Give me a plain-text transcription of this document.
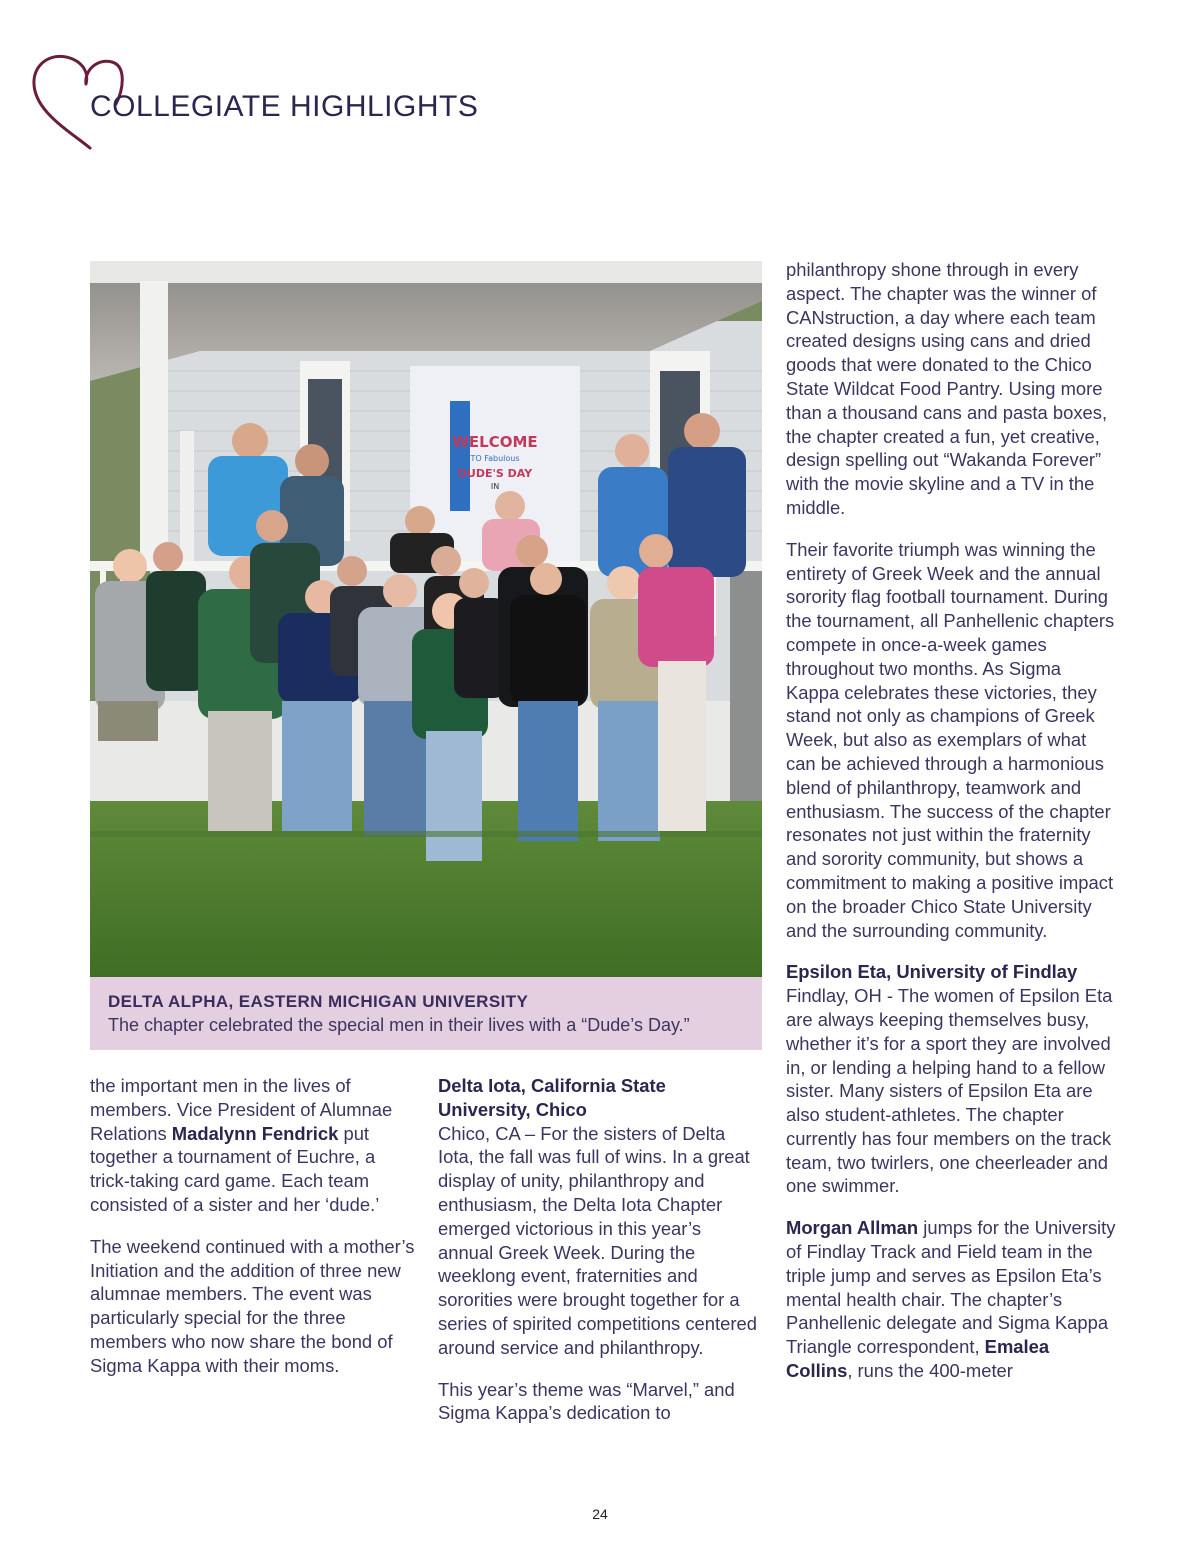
COLLEGIATE HIGHLIGHTS
WELCOME
TO Fabulous
DUDE'S DAY
IN
DELTA ALPHA, EASTERN MICHIGAN UNIVERSITY
The chapter celebrated the special men in their lives with a “Dude’s Day.”

the important men in the lives of members. Vice President of Alumnae Relations Madalynn Fendrick put together a tournament of Euchre, a trick-taking card game. Each team consisted of a sister and her ‘dude.’

The weekend continued with a mother’s Initiation and the addition of three new alumnae members. The event was particularly special for the three members who now share the bond of Sigma Kappa with their moms.

Delta Iota, California State University, Chico

Chico, CA – For the sisters of Delta Iota, the fall was full of wins. In a great display of unity, philanthropy and enthusiasm, the Delta Iota Chapter emerged victorious in this year’s annual Greek Week. During the weeklong event, fraternities and sororities were brought together for a series of spirited competitions centered around service and philanthropy.

This year’s theme was “Marvel,” and Sigma Kappa’s dedication to

philanthropy shone through in every aspect. The chapter was the winner of CANstruction, a day where each team created designs using cans and dried goods that were donated to the Chico State Wildcat Food Pantry. Using more than a thousand cans and pasta boxes, the chapter created a fun, yet creative, design spelling out “Wakanda Forever” with the movie skyline and a TV in the middle.

Their favorite triumph was winning the entirety of Greek Week and the annual sorority flag football tournament. During the tournament, all Panhellenic chapters compete in once-a-week games throughout two months. As Sigma Kappa celebrates these victories, they stand not only as champions of Greek Week, but also as exemplars of what can be achieved through a harmonious blend of philanthropy, teamwork and enthusiasm. The success of the chapter resonates not just within the fraternity and sorority community, but shows a commitment to making a positive impact on the broader Chico State University and the surrounding community.

Epsilon Eta, University of Findlay

Findlay, OH - The women of Epsilon Eta are always keeping themselves busy, whether it’s for a sport they are involved in, or lending a helping hand to a fellow sister. Many sisters of Epsilon Eta are also student-athletes. The chapter currently has four members on the track team, two twirlers, one cheerleader and one swimmer.

Morgan Allman jumps for the University of Findlay Track and Field team in the triple jump and serves as Epsilon Eta’s mental health chair. The chapter’s Panhellenic delegate and Sigma Kappa Triangle correspondent, Emalea Collins, runs the 400-meter

24
